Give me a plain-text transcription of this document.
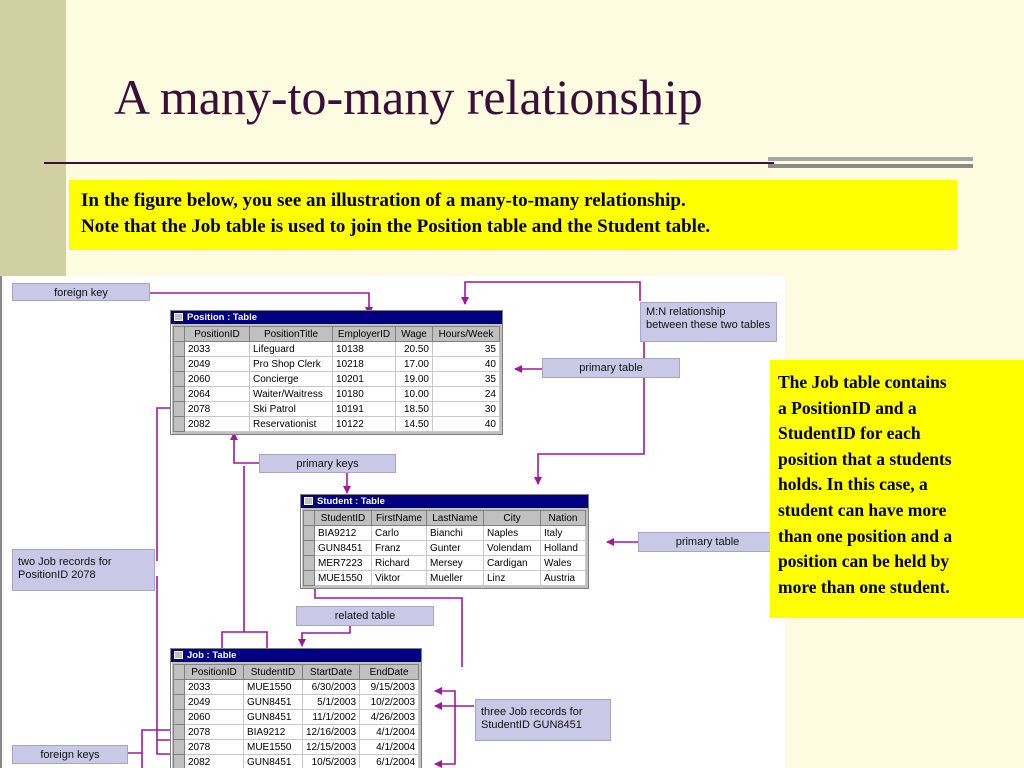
A many-to-many relationship
In the figure below, you see an illustration of a many-to-many relationship.
Note that the Job table is used to join the Position table and the Student table.
foreign key
M:N relationship
between these two tables
primary table
primary keys
primary table
two Job records for
PositionID 2078
related table
three Job records for
StudentID GUN8451
foreign keys
Position : Table
	PositionID	PositionTitle	EmployerID	Wage	Hours/Week
	2033	Lifeguard	10138	20.50	35
	2049	Pro Shop Clerk	10218	17.00	40
	2060	Concierge	10201	19.00	35
	2064	Waiter/Waitress	10180	10.00	24
	2078	Ski Patrol	10191	18.50	30
	2082	Reservationist	10122	14.50	40
Student : Table
	StudentID	FirstName	LastName	City	Nation
	BIA9212	Carlo	Bianchi	Naples	Italy
	GUN8451	Franz	Gunter	Volendam	Holland
	MER7223	Richard	Mersey	Cardigan	Wales
	MUE1550	Viktor	Mueller	Linz	Austria
Job : Table
	PositionID	StudentID	StartDate	EndDate
	2033	MUE1550	6/30/2003	9/15/2003
	2049	GUN8451	5/1/2003	10/2/2003
	2060	GUN8451	11/1/2002	4/26/2003
	2078	BIA9212	12/16/2003	4/1/2004
	2078	MUE1550	12/15/2003	4/1/2004
	2082	GUN8451	10/5/2003	6/1/2004
The Job table contains
a PositionID and a
StudentID for each
position that a students
holds. In this case, a
student can have more
than one position and a
position can be held by
more than one student.
